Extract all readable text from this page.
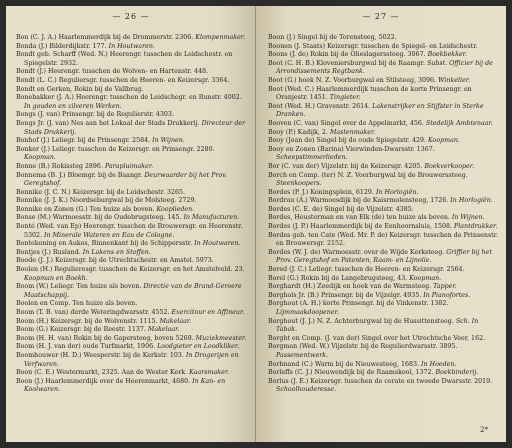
— 26 —
Bon (C. J. A.) Haarlemmerdijk bij de Drommerstr. 2306. Klompenmaker.
Bonda (J.) Bilderdijkstr. 177. In Houtwaren.
Bondt geb. Scharff (Wed. N.) Heerengr. tusschen de Leidschestr. en Spiegelstr. 2932.
Bondt (J.) Heerengr. tusschen de Wolven- en Hartenstr. 448.
Bondt (L. C.) Reguliersgr. tusschen de Heeren- en Keizersgr. 3364.
Bondt en Gerken, Rokin bij de Vallbrug.
Bonebakker (J. A.) Heerengr. tusschen de Leidschegr. en Runstr. 4002. In gouden en zilveren Werken.
Bongs (J. van) Prinsengr. bij de Regulierstr. 4303.
Bongs Jr. (J. van) Nes aan het Lokaal der Stads Drukkerij. Directeur der Stads Drukkerij.
Bonhof (J.) Leliegr. bij de Prinsengr. 2584. In Wijnen.
Bonker (J.) Leliegr. tusschen de Keizersgr. en Prinsengr. 2280. Koopman.
Bonne (B.) Rokissteg 2896. Parapluimaker.
Bonnema (B. J.) Bloemgr. bij de Baangr. Deurwaarder bij het Prov. Geregtshof.
Bonnike (J. C. N.) Keizersgr. bij de Leidschestr. 3265.
Bonnike (J. J. K.) Noordseburgwal bij de Molsteeg. 2729.
Bonnike en Zonen (G.) Ten huize als boven. Kooplieden.
Bonse (M.) Warmoesstr. bij de Oudebrugsteeg. 145. In Manufacturen.
Bonté (Wed. van Ep) Heerengr. tusschen de Brouwersgr. en Heerenstr. 5302. In Minerale Wateren en Eau de Cologne.
Bontekoning en Aukes, Binnenkant bij de Schippersstr. In Houtwaren.
Bontjes (J.) Rusland. In Lakens en Stoffen.
Boode (J. J.) Keizersgr. bij de Utrechtschestr. en Amstel. 5973.
Boolen (H.) Regulieresgr. tusschen de Keizersgr. en het Amstelveld. 23. Koopman en Boekh.
Boom (W.) Leliegr. Ten huize als boven. Directie van de Brand-Geroere Maatschappij.
Boolen en Comp. Ten huize als boven.
Boom (T. B. van) derde Weteringdwarsstr. 4552. Exercitour en Affineur.
Boom (H.) Keizersgr. bij de Wolvenstr. 1115. Makelaar.
Boom (G.) Keizersgr. bij de Reestr. 1137. Makelaar.
Boom (H. H. van) Rokin bij de Gapersteeg, boven 5269. Muziekmeester.
Boom (H. J. van der) oude Turfmarkt, 1906. Loodgieter en Loodkliker.
Boomhouwer (H. D.) Weesperstr. bij de Kerkstr. 103. In Drogerijen en Verfwaren.
Boon (C. E.) Westermarkt, 2325. Aan de Wester Kerk. Kaarsmaker.
Boon (J.) Haarlemmerdijk over de Heerenmarkt, 4680. In Kan- en Koolwaren.
— 27 —
Boon (J.) Singel bij de Torensteeg, 5022.
Boonen (J. Staats) Keizersgr. tusschen de Spiegel- en Leidschestr.
Boons (J. de) Rokin bij de Olieslagerssteeg. 3067. Boekbekker.
Boot (C. H. B.) Kloveniersburgwal bij de Raamgr. Subst. Officier bij de Arrondissements Regtbank.
Boot (G.) hoek N. Z. Voorburgwal en Stilsteeg, 3096. Winkelier.
Boot (Wed. C.) Haarlemmerdijk tusschen de korte Prinsengr. en Oranjestr. 1451. Tingieter.
Boot (Wed. H.) Gravenstr. 2614. Lakenstrijker en Stijfster in Sterke Dranken.
Booven (C. van) Singel over de Appelmarkt, 456. Stedelijk Ambtenaar.
Booy (P.) Kadijk, 2. Mastenmaker.
Booy (Jean de) Singel bij de oude Spiegelstr. 429. Koopman.
Booy en Zonen (Barina) Vierwinden-Dwarsstr. 1367. Scheepstimmerlieden.
Bor (C. van der) Vijzelstr. bij de Keizersgr. 4205. Boekverkooper.
Borch en Comp. (ter) N. Z. Voorburgwal bij de Brouwerssteeg. Steenkoopers.
Bordes (P. J.) Koningsplein, 6129. In Horlogiën.
Bordrau (A.) Warmoesdijk bij de Kaisrmolensteeg, 1726. In Horlogiën.
Bordes (C. E. de) Singel bij de Vijzelstr. 4385.
Bordes, Heusterman en van Elk (de) ten huize als boven. In Wijnen.
Bordes (J. P.) Haarlemmerdijk bij de Eenhoornsluis, 1508. Plantdrukker.
Bordes geb. ten Cate (Wed. Mr. P. de) Keizersgr. tusschen de Prinsenstr. en Brouwersgr. 2152.
Bordes (W. J. de) Warmoesstr. over de Wijde Kerksteeg. Griffier bij het Prov. Geregtshof en Patenten, Raam- en Lijnolie.
Bored (J. C.) Leliegr. tusschen de Heeren- en Keizersgr. 2564.
Borel (G.) Rokin bij de Langebrugsteeg, 43. Koopman.
Borghardt (H.) Zeedijk en hoek van de Warmsteeg. Tapper.
Borghols Jr. (B.) Prinsengr. bij de Vijzelgr. 4935. In Pianofortes.
Borghout (A. H.) korte Prinsengr. bij de Vinkenstr. 1382. Lijmmaakdoopener.
Borghout (J. J.) N. Z. Achterburgwal bij de Hussittensteeg. Sch. In Tabak.
Borght en Comp. (J. van der) Singel over het Utrechtsche Veer, 162.
Borgman (Wed. W.) Vijzelstr. bij de Regulierdwarsstr. 3895. Passementwerk.
Borhnand (C.) Warm bij de Nieuwesteeg, 1683. In Hoeden.
Borleffs (C. J.) Nieuwendijk bij de Raamskool, 1372. Boekbinderij.
Borlus (J. E.) Keizersgr. tusschen de cerate en tweede Dwarsstr. 2019. Schoolhouderesse.
2*
